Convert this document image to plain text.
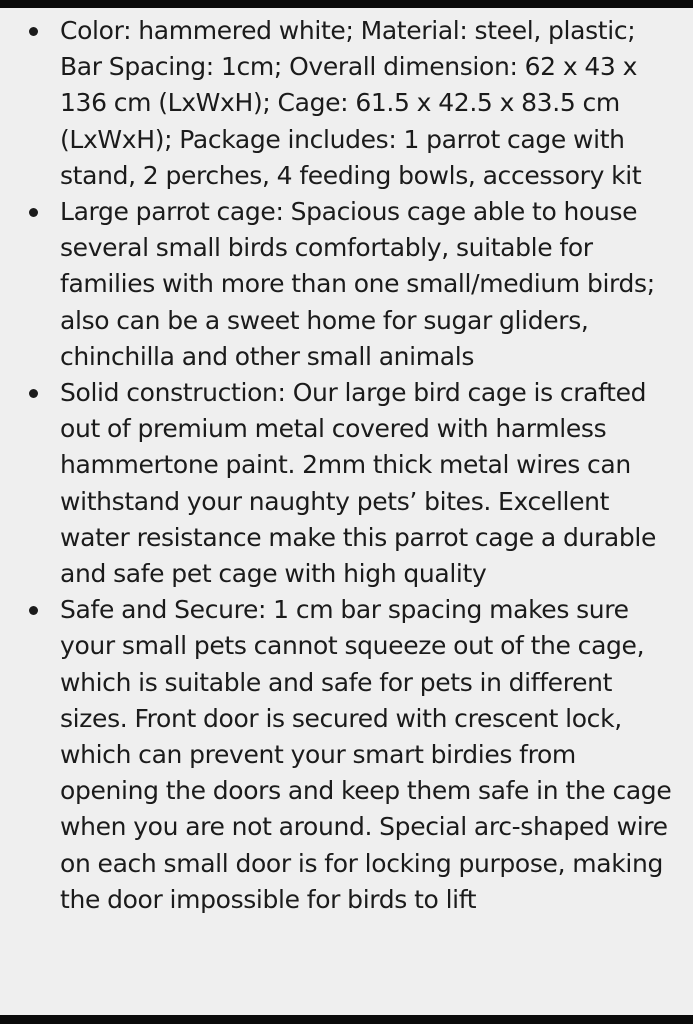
Color: hammered white; Material: steel, plastic; Bar Spacing: 1cm; Overall dimension: 62 x 43 x 136 cm (LxWxH); Cage: 61.5 x 42.5 x 83.5 cm (LxWxH); Package includes: 1 parrot cage with stand, 2 perches, 4 feeding bowls, accessory kit
Large parrot cage: Spacious cage able to house several small birds comfortably, suitable for families with more than one small/medium birds; also can be a sweet home for sugar gliders, chinchilla and other small animals
Solid construction: Our large bird cage is crafted out of premium metal covered with harmless hammertone paint. 2mm thick metal wires can withstand your naughty pets’ bites. Excellent water resistance make this parrot cage a durable and safe pet cage with high quality
Safe and Secure: 1 cm bar spacing makes sure your small pets cannot squeeze out of the cage, which is suitable and safe for pets in different sizes. Front door is secured with crescent lock, which can prevent your smart birdies from opening the doors and keep them safe in the cage when you are not around. Special arc-shaped wire on each small door is for locking purpose, making the door impossible for birds to lift
